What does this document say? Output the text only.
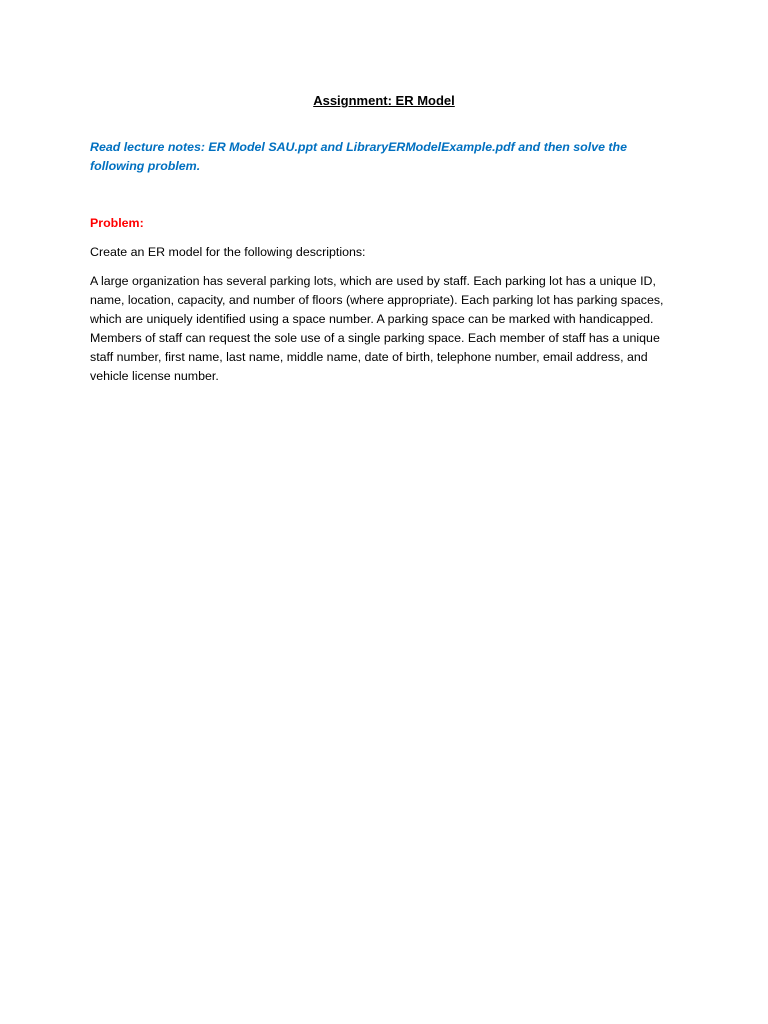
Assignment: ER Model
Read lecture notes: ER Model SAU.ppt and LibraryERModelExample.pdf and then solve the following problem.
Problem:
Create an ER model for the following descriptions:
A large organization has several parking lots, which are used by staff. Each parking lot has a unique ID, name, location, capacity, and number of floors (where appropriate). Each parking lot has parking spaces, which are uniquely identified using a space number. A parking space can be marked with handicapped. Members of staff can request the sole use of a single parking space. Each member of staff has a unique staff number, first name, last name, middle name, date of birth, telephone number, email address, and vehicle license number.
